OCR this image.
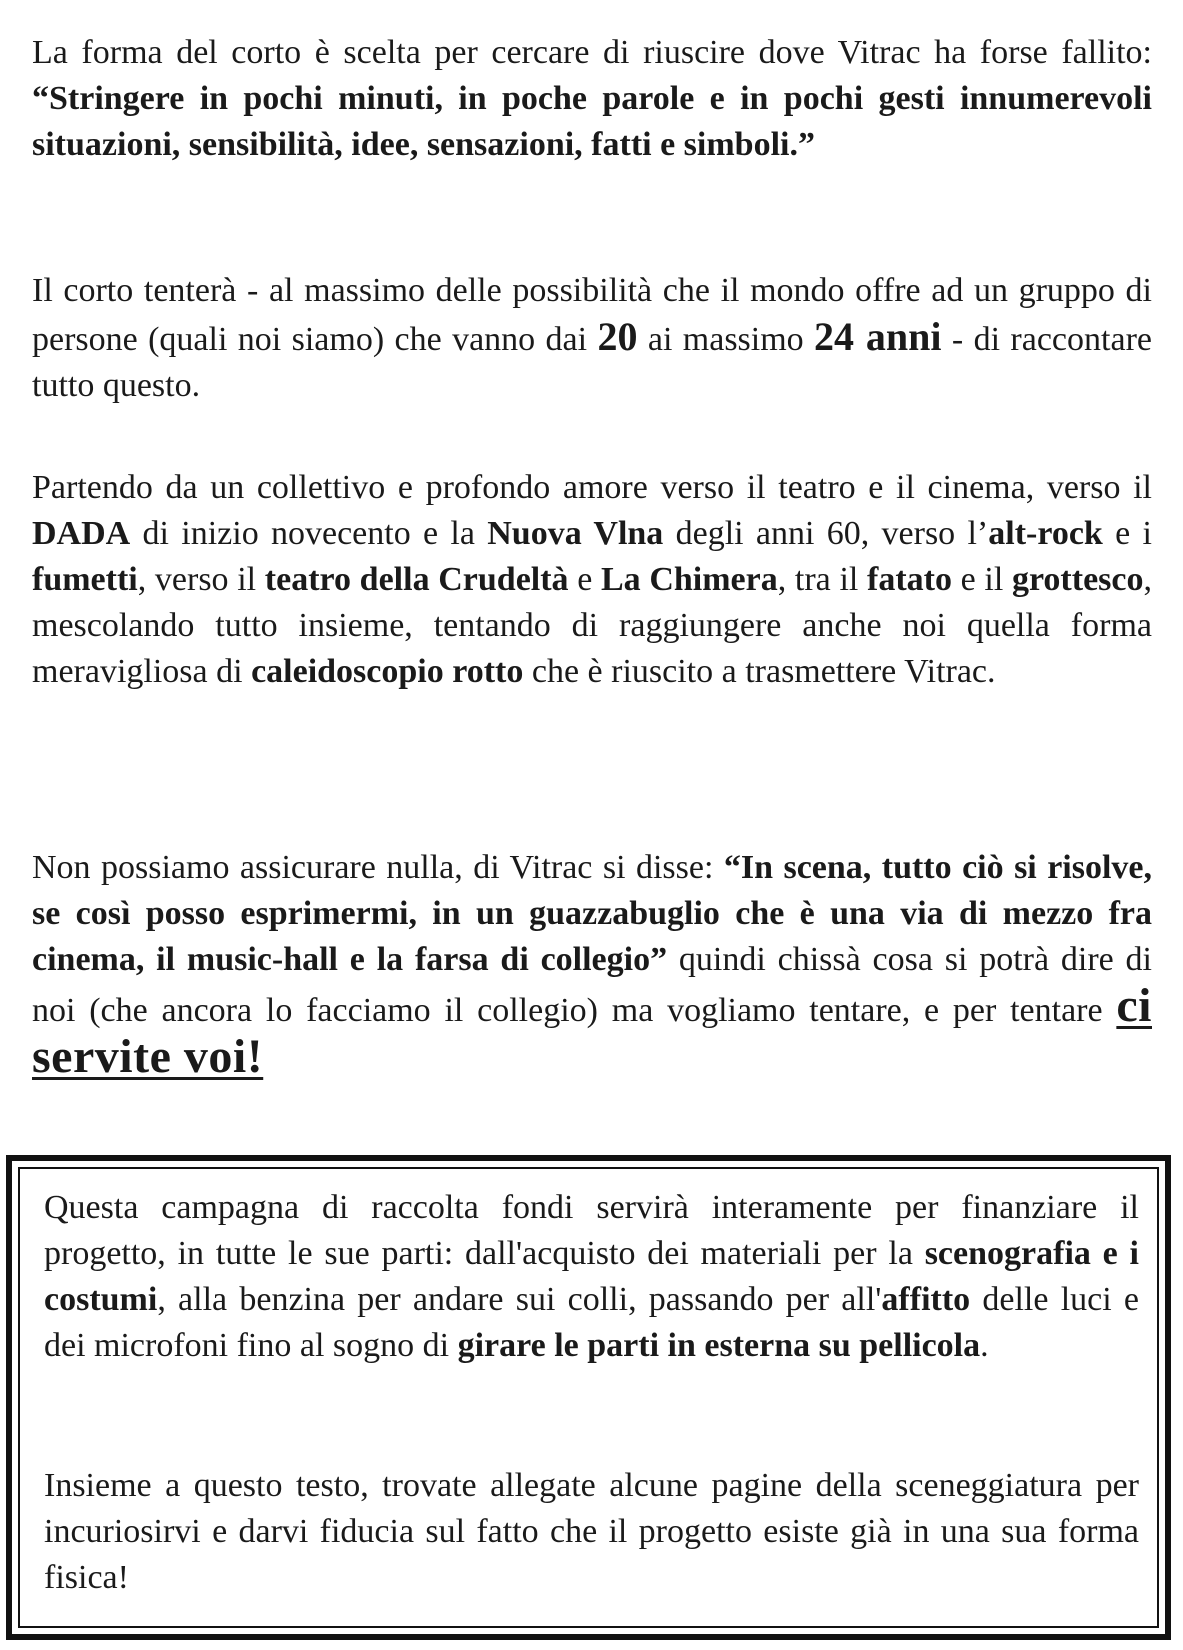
La forma del corto è scelta per cercare di riuscire dove Vitrac ha forse fallito: “Stringere in pochi minuti, in poche parole e in pochi gesti innumerevoli situazioni, sensibilità, idee, sensazioni, fatti e simboli.”

Il corto tenterà - al massimo delle possibilità che il mondo offre ad un gruppo di persone (quali noi siamo) che vanno dai 20 ai massimo 24 anni - di raccontare tutto questo.

Partendo da un collettivo e profondo amore verso il teatro e il cinema, verso il DADA di inizio novecento e la Nuova Vlna degli anni 60, verso l’alt-rock e i fumetti, verso il teatro della Crudeltà e La Chimera, tra il fatato e il grottesco, mescolando tutto insieme, tentando di raggiungere anche noi quella forma meravigliosa di caleidoscopio rotto che è riuscito a trasmettere Vitrac.

Non possiamo assicurare nulla, di Vitrac si disse: “In scena, tutto ciò si risolve, se così posso esprimermi, in un guazzabuglio che è una via di mezzo fra cinema, il music-hall e la farsa di collegio” quindi chissà cosa si potrà dire di noi (che ancora lo facciamo il collegio) ma vogliamo tentare, e per tentare ci servite voi!

Questa campagna di raccolta fondi servirà interamente per finanziare il progetto, in tutte le sue parti: dall'acquisto dei materiali per la scenografia e i costumi, alla benzina per andare sui colli, passando per all'affitto delle luci e dei microfoni fino al sogno di girare le parti in esterna su pellicola.

Insieme a questo testo, trovate allegate alcune pagine della sceneggiatura per incuriosirvi e darvi fiducia sul fatto che il progetto esiste già in una sua forma fisica!
